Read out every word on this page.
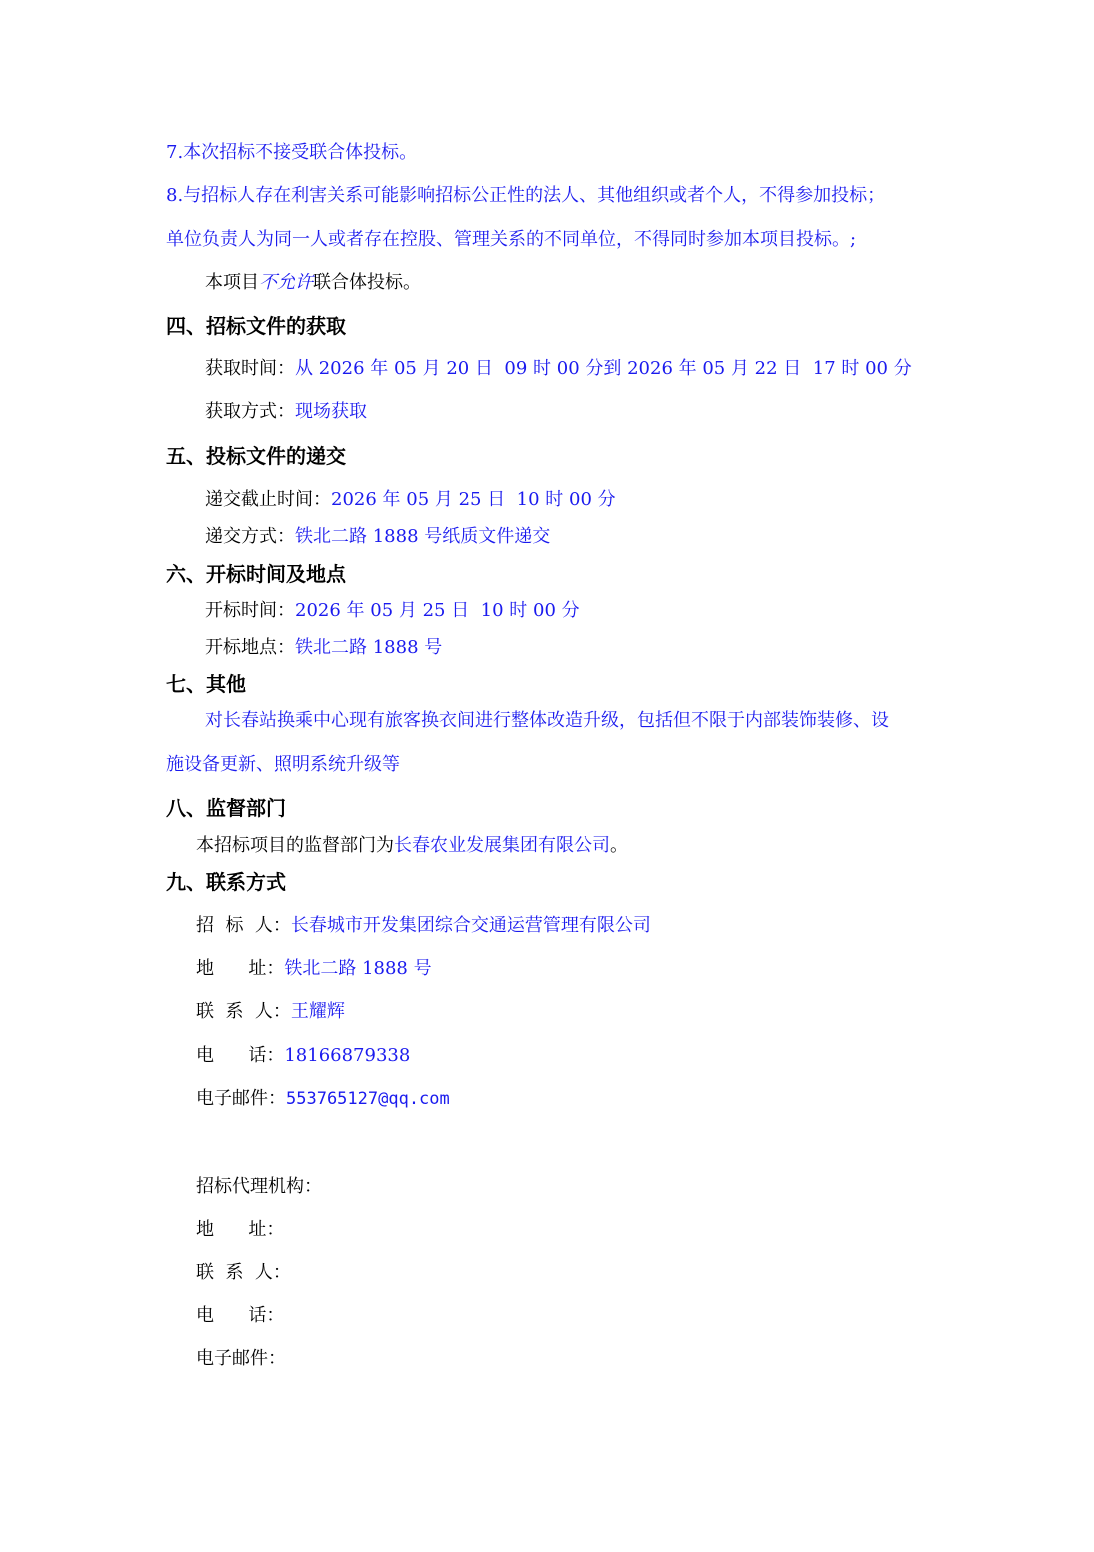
7.本次招标不接受联合体投标。
8.与招标人存在利害关系可能影响招标公正性的法人、其他组织或者个人，不得参加投标；
单位负责人为同一人或者存在控股、管理关系的不同单位，不得同时参加本项目投标。;
本项目不允许联合体投标。
四、招标文件的获取
获取时间：从 2026 年 05 月 20 日  09 时 00 分到 2026 年 05 月 22 日  17 时 00 分
获取方式：现场获取
五、投标文件的递交
递交截止时间：2026 年 05 月 25 日  10 时 00 分
递交方式：铁北二路 1888 号纸质文件递交
六、开标时间及地点
开标时间：2026 年 05 月 25 日  10 时 00 分
开标地点：铁北二路 1888 号
七、其他
对长春站换乘中心现有旅客换衣间进行整体改造升级，包括但不限于内部装饰装修、设
施设备更新、照明系统升级等
八、监督部门
本招标项目的监督部门为长春农业发展集团有限公司。
九、联系方式
招  标  人：长春城市开发集团综合交通运营管理有限公司
地      址：铁北二路 1888 号
联  系  人：王耀辉
电      话：18166879338
电子邮件：553765127@qq.com
招标代理机构：
地      址：
联  系  人：
电      话：
电子邮件：
